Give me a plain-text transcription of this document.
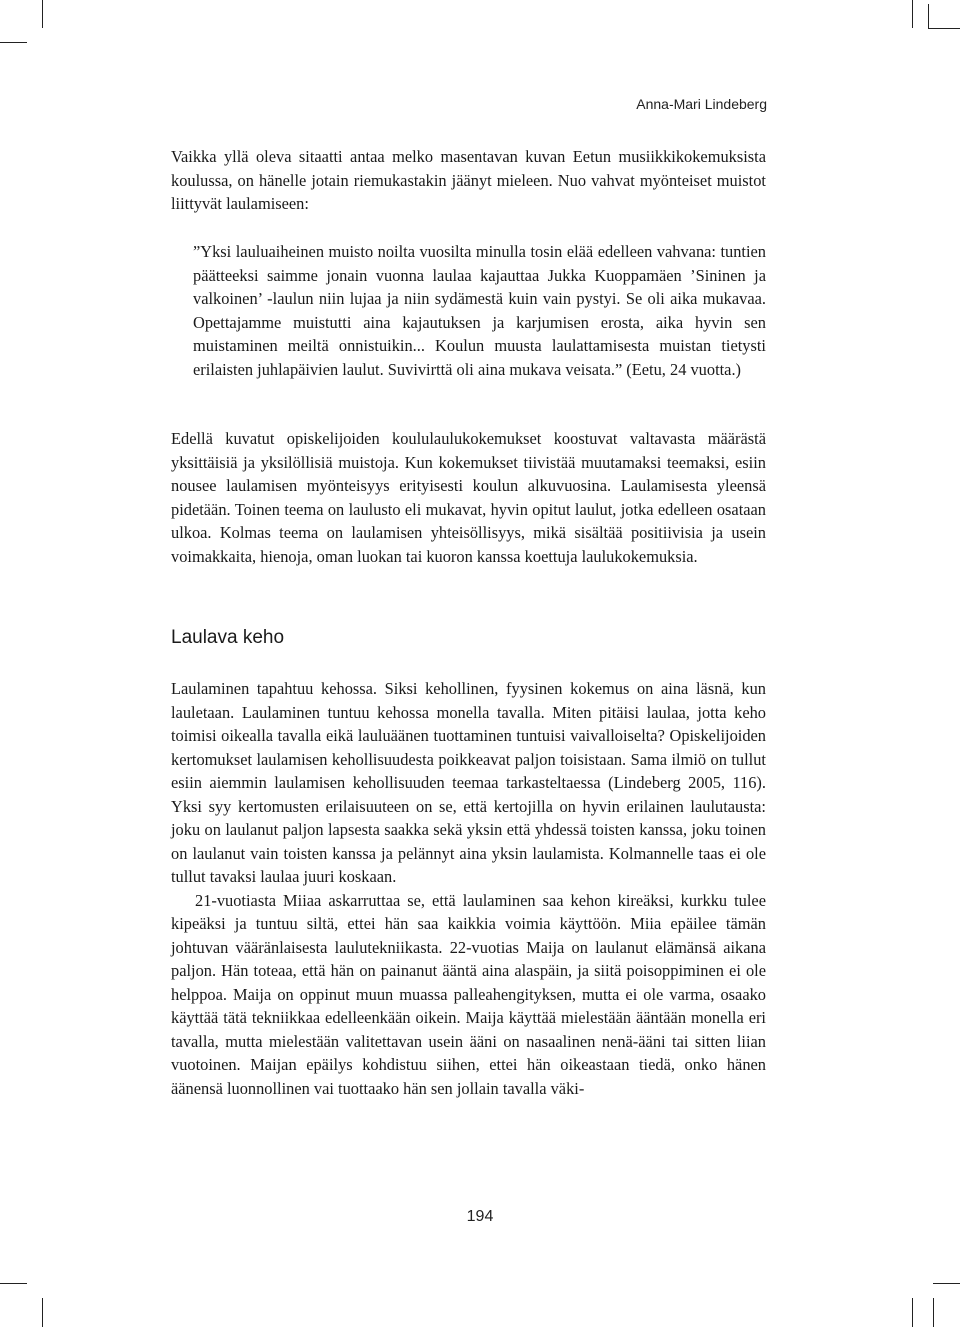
Anna-Mari Lindeberg

Vaikka yllä oleva sitaatti antaa melko masentavan kuvan Eetun musiikkikokemuksista koulussa, on hänelle jotain riemukastakin jäänyt mieleen. Nuo vahvat myönteiset muistot liittyvät laulamiseen:

”Yksi lauluaiheinen muisto noilta vuosilta minulla tosin elää edelleen vahvana: tuntien päätteeksi saimme jonain vuonna laulaa kajauttaa Jukka Kuoppamäen ’Sininen ja valkoinen’ -laulun niin lujaa ja niin sydämestä kuin vain pystyi. Se oli aika mukavaa. Opettajamme muistutti aina kajautuksen ja karjumisen erosta, aika hyvin sen muistaminen meiltä onnistuikin... Koulun muusta laulattamisesta muistan tietysti erilaisten juhlapäivien laulut. Suvivirttä oli aina mukava veisata.” (Eetu, 24 vuotta.)

Edellä kuvatut opiskelijoiden koululaulukokemukset koostuvat valtavasta määrästä yksittäisiä ja yksilöllisiä muistoja. Kun kokemukset tiivistää muutamaksi teemaksi, esiin nousee laulamisen myönteisyys erityisesti koulun alkuvuosina. Laulamisesta yleensä pidetään. Toinen teema on laulusto eli mukavat, hyvin opitut laulut, jotka edelleen osataan ulkoa. Kolmas teema on laulamisen yhteisöllisyys, mikä sisältää positiivisia ja usein voimakkaita, hienoja, oman luokan tai kuoron kanssa koettuja laulukokemuksia.

Laulava keho

Laulaminen tapahtuu kehossa. Siksi kehollinen, fyysinen kokemus on aina läsnä, kun lauletaan. Laulaminen tuntuu kehossa monella tavalla. Miten pitäisi laulaa, jotta keho toimisi oikealla tavalla eikä lauluäänen tuottaminen tuntuisi vaivalloiselta? Opiskelijoiden kertomukset laulamisen kehollisuudesta poikkeavat paljon toisistaan. Sama ilmiö on tullut esiin aiemmin laulamisen kehollisuuden teemaa tarkasteltaessa (Lindeberg 2005, 116). Yksi syy kertomusten erilaisuuteen on se, että kertojilla on hyvin erilainen laulutausta: joku on laulanut paljon lapsesta saakka sekä yksin että yhdessä toisten kanssa, joku toinen on laulanut vain toisten kanssa ja pelännyt aina yksin laulamista. Kolmannelle taas ei ole tullut tavaksi laulaa juuri koskaan.

21-vuotiasta Miiaa askarruttaa se, että laulaminen saa kehon kireäksi, kurkku tulee kipeäksi ja tuntuu siltä, ettei hän saa kaikkia voimia käyttöön. Miia epäilee tämän johtuvan vääränlaisesta laulutekniikasta. 22-vuotias Maija on laulanut elämänsä aikana paljon. Hän toteaa, että hän on painanut ääntä aina alaspäin, ja siitä poisoppiminen ei ole helppoa. Maija on oppinut muun muassa palleahengityksen, mutta ei ole varma, osaako käyttää tätä tekniikkaa edelleenkään oikein. Maija käyttää mielestään ääntään monella eri tavalla, mutta mielestään valitettavan usein ääni on nasaalinen nenä-ääni tai sitten liian vuotoinen. Maijan epäilys kohdistuu siihen, ettei hän oikeastaan tiedä, onko hänen äänensä luonnollinen vai tuottaako hän sen jollain tavalla väki-

194
